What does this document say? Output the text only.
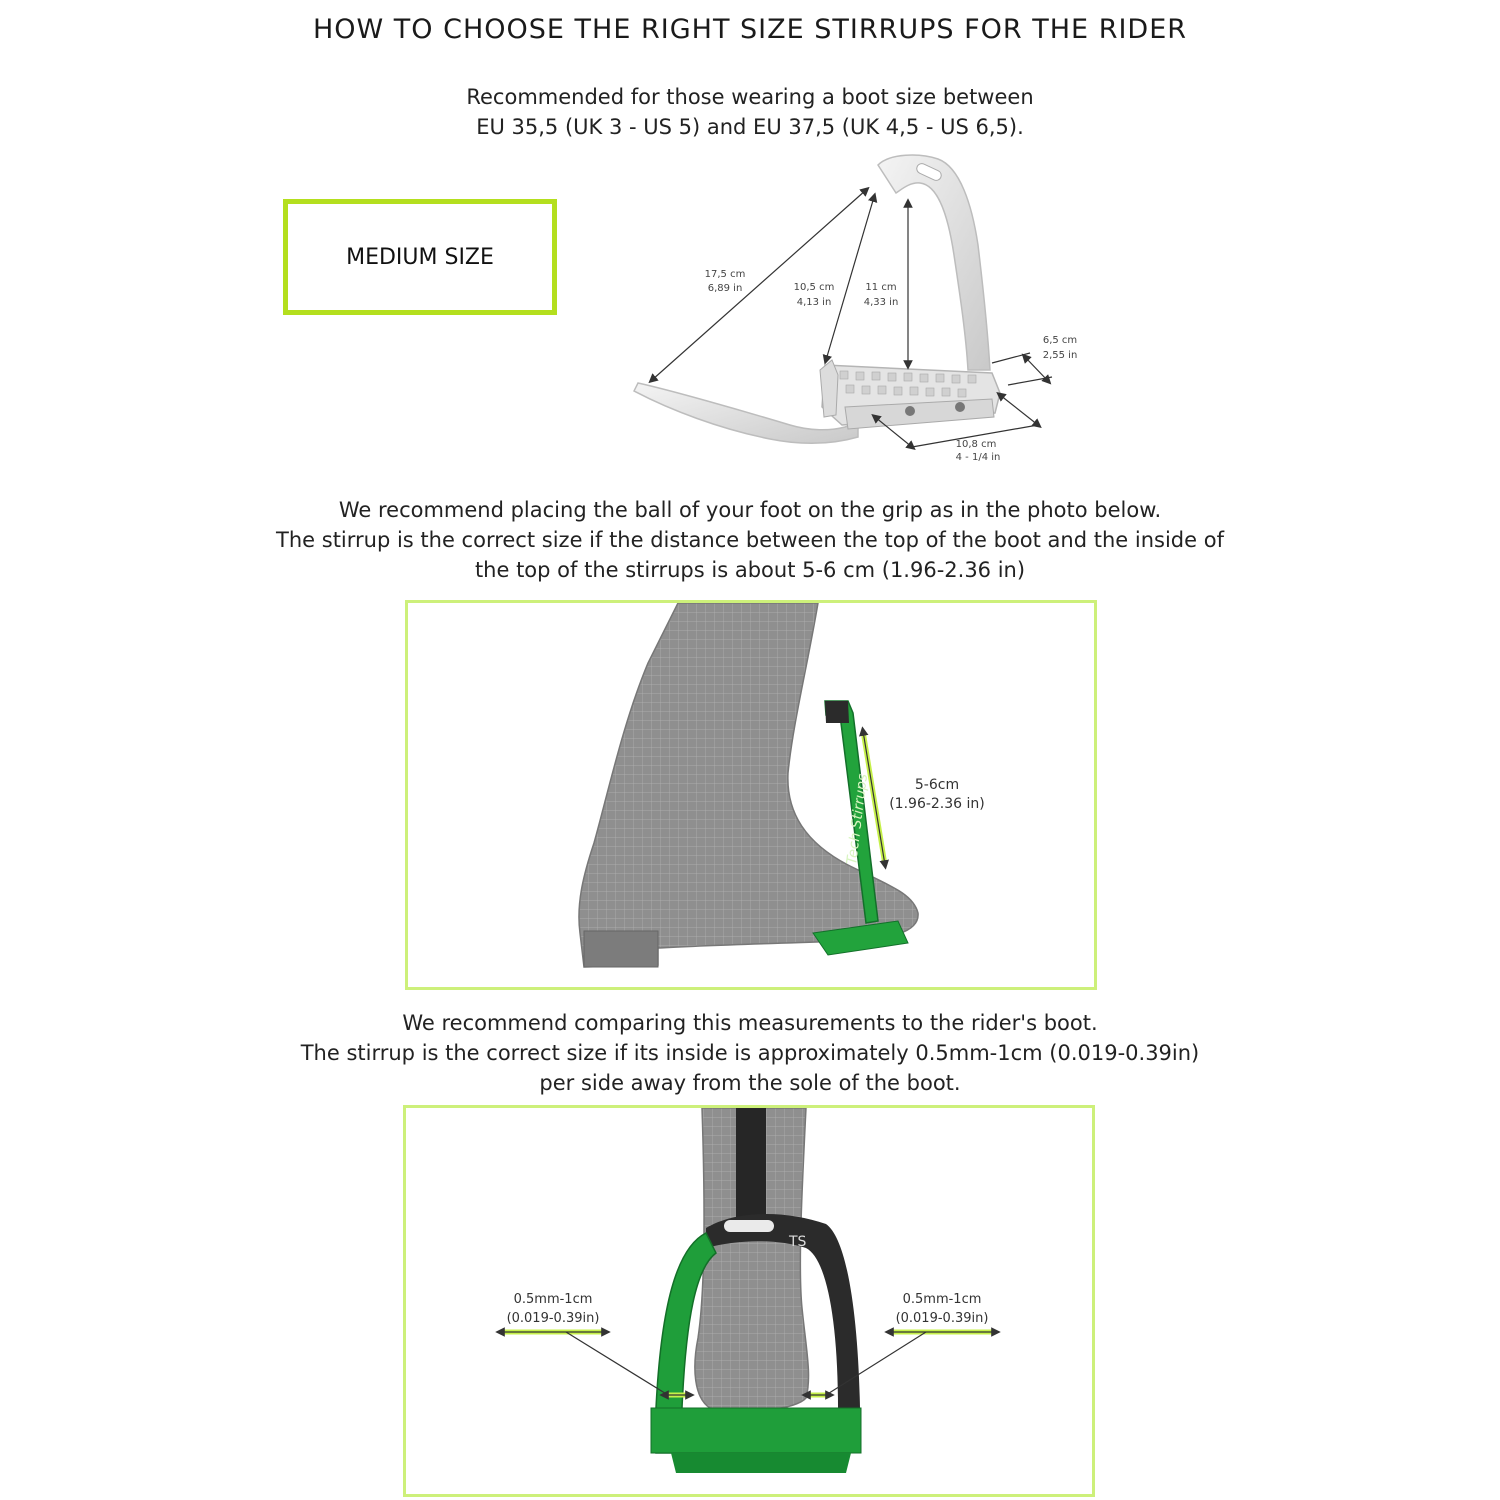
HOW TO CHOOSE THE RIGHT SIZE STIRRUPS FOR THE RIDER
Recommended for those wearing a boot size between
EU 35,5 (UK 3 - US 5) and EU 37,5 (UK 4,5 - US 6,5).
MEDIUM SIZE
17,5 cm
6,89 in	10,5 cm
4,13 in
11 cm
4,33 in
6,5 cm
2,55 in
10,8 cm
4 - 1/4 in
We recommend placing the ball of your foot on the grip as in the photo below.
The stirrup is the correct size if the distance between the top of the boot and the inside of
the top of the stirrups is about 5-6 cm (1.96-2.36 in)
Tech Stirrups	5-6cm
(1.96-2.36 in)
We recommend comparing this measurements to the rider's boot.
The stirrup is the correct size if its inside is approximately 0.5mm-1cm (0.019-0.39in)
per side away from the sole of the boot.
TS
0.5mm-1cm
(0.019-0.39in)
0.5mm-1cm
(0.019-0.39in)
